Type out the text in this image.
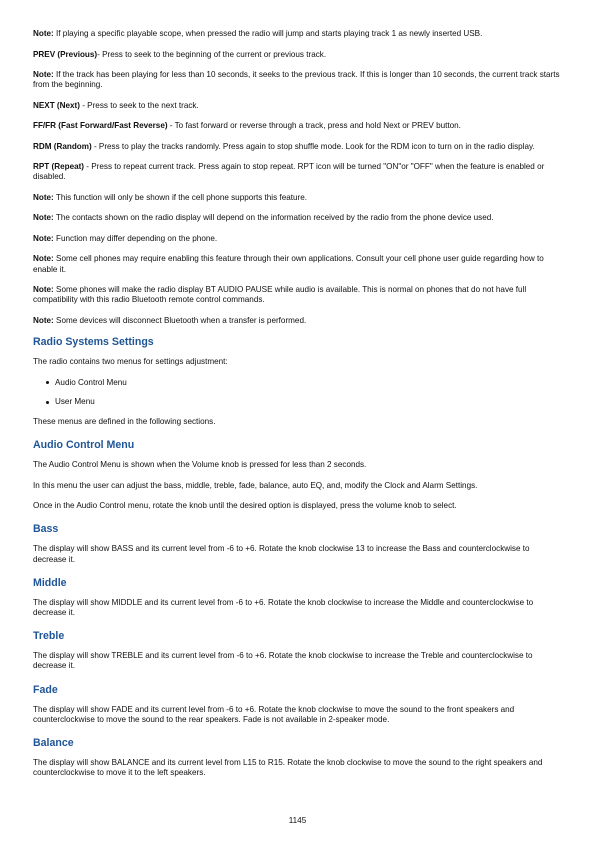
Note: If playing a specific playable scope, when pressed the radio will jump and starts playing track 1 as newly inserted USB.

PREV (Previous)- Press to seek to the beginning of the current or previous track.

Note: If the track has been playing for less than 10 seconds, it seeks to the previous track. If this is longer than 10 seconds, the current track starts from the beginning.

NEXT (Next) - Press to seek to the next track.

FF/FR (Fast Forward/Fast Reverse) - To fast forward or reverse through a track, press and hold Next or PREV button.

RDM (Random) - Press to play the tracks randomly. Press again to stop shuffle mode. Look for the RDM icon to turn on in the radio display.

RPT (Repeat) - Press to repeat current track. Press again to stop repeat. RPT icon will be turned "ON"or "OFF" when the feature is enabled or disabled.

Note: This function will only be shown if the cell phone supports this feature.

Note: The contacts shown on the radio display will depend on the information received by the radio from the phone device used.

Note: Function may differ depending on the phone.

Note: Some cell phones may require enabling this feature through their own applications. Consult your cell phone user guide regarding how to enable it.

Note: Some phones will make the radio display BT AUDIO PAUSE while audio is available. This is normal on phones that do not have full compatibility with this radio Bluetooth remote control commands.

Note: Some devices will disconnect Bluetooth when a transfer is performed.

Radio Systems Settings

The radio contains two menus for settings adjustment:

Audio Control Menu
User Menu

These menus are defined in the following sections.

Audio Control Menu

The Audio Control Menu is shown when the Volume knob is pressed for less than 2 seconds.

In this menu the user can adjust the bass, middle, treble, fade, balance, auto EQ, and, modify the Clock and Alarm Settings.

Once in the Audio Control menu, rotate the knob until the desired option is displayed, press the volume knob to select.

Bass

The display will show BASS and its current level from -6 to +6. Rotate the knob clockwise 13 to increase the Bass and counterclockwise to decrease it.

Middle

The display will show MIDDLE and its current level from -6 to +6. Rotate the knob clockwise to increase the Middle and counterclockwise to decrease it.

Treble

The display will show TREBLE and its current level from -6 to +6. Rotate the knob clockwise to increase the Treble and counterclockwise to decrease it.

Fade

The display will show FADE and its current level from -6 to +6. Rotate the knob clockwise to move the sound to the front speakers and counterclockwise to move the sound to the rear speakers. Fade is not available in 2-speaker mode.

Balance

The display will show BALANCE and its current level from L15 to R15. Rotate the knob clockwise to move the sound to the right speakers and counterclockwise to move it to the left speakers.

1145
